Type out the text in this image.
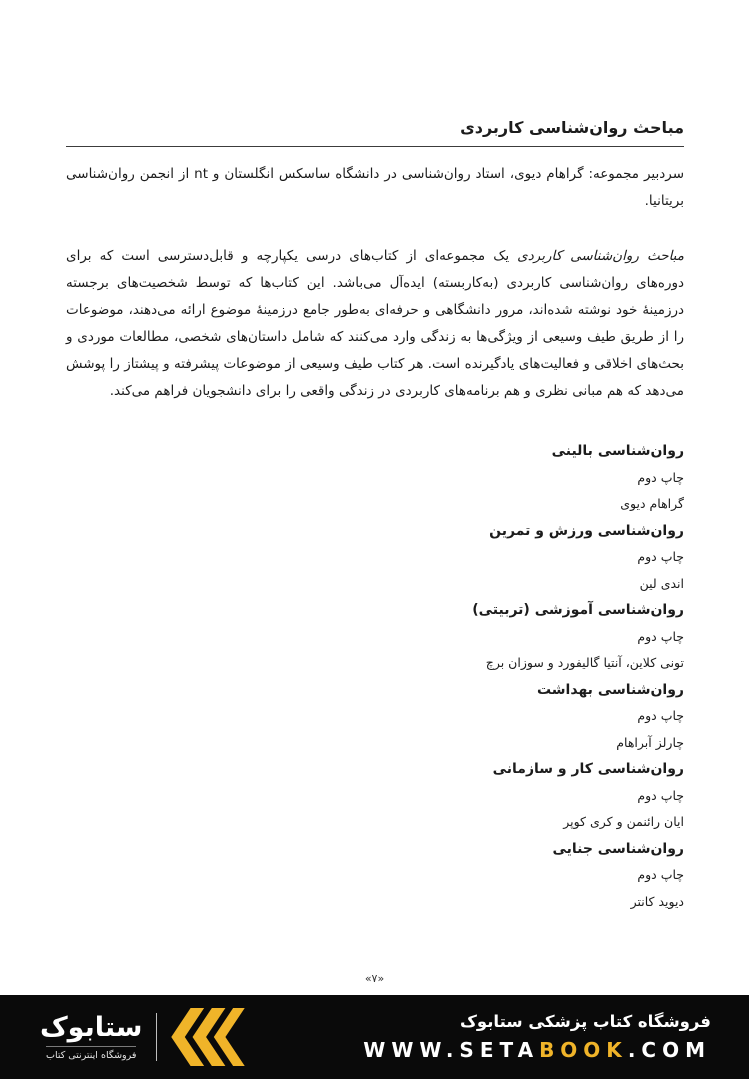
مباحث روان‌شناسی کاربردی

سردبیر مجموعه: گراهام دیوی، استاد روان‌شناسی در دانشگاه ساسکس انگلستان و nt از انجمن روان‌شناسی بریتانیا.

مباحث روان‌شناسی کاربردی یک مجموعه‌ای از کتاب‌های درسی یکپارچه و قابل‌دسترسی است که برای دوره‌های روان‌شناسی کاربردی (به‌کاربسته) ایده‌آل می‌باشد. این کتاب‌ها که توسط شخصیت‌های برجسته درزمینهٔ خود نوشته شده‌اند، مرور دانشگاهی و حرفه‌ای به‌طور جامع درزمینهٔ موضوع ارائه می‌دهند، موضوعات را از طریق طیف وسیعی از ویژگی‌ها به زندگی وارد می‌کنند که شامل داستان‌های شخصی، مطالعات موردی و بحث‌های اخلاقی و فعالیت‌های یادگیرنده است. هر کتاب طیف وسیعی از موضوعات پیشرفته و پیشتاز را پوشش می‌دهد که هم مبانی نظری و هم برنامه‌های کاربردی در زندگی واقعی را برای دانشجویان فراهم می‌کند.

روان‌شناسی بالینی
چاپ دوم
گراهام دیوی
روان‌شناسی ورزش و تمرین
چاپ دوم
اندی لین
روان‌شناسی آموزشی (تربیتی)
چاپ دوم
تونی کلاین، آنتیا گالیفورد و سوزان برچ
روان‌شناسی بهداشت
چاپ دوم
چارلز آبراهام
روان‌شناسی کار و سازمانی
چاپ دوم
ایان رائنمن و کری کوپر
روان‌شناسی جنایی
چاپ دوم
دیوید کانتر
«۷»
ستابوک
فروشگاه اینترنتی کتاب
فروشگاه کتاب پزشکی ستابوک
WWW.SETABOOK.COM
